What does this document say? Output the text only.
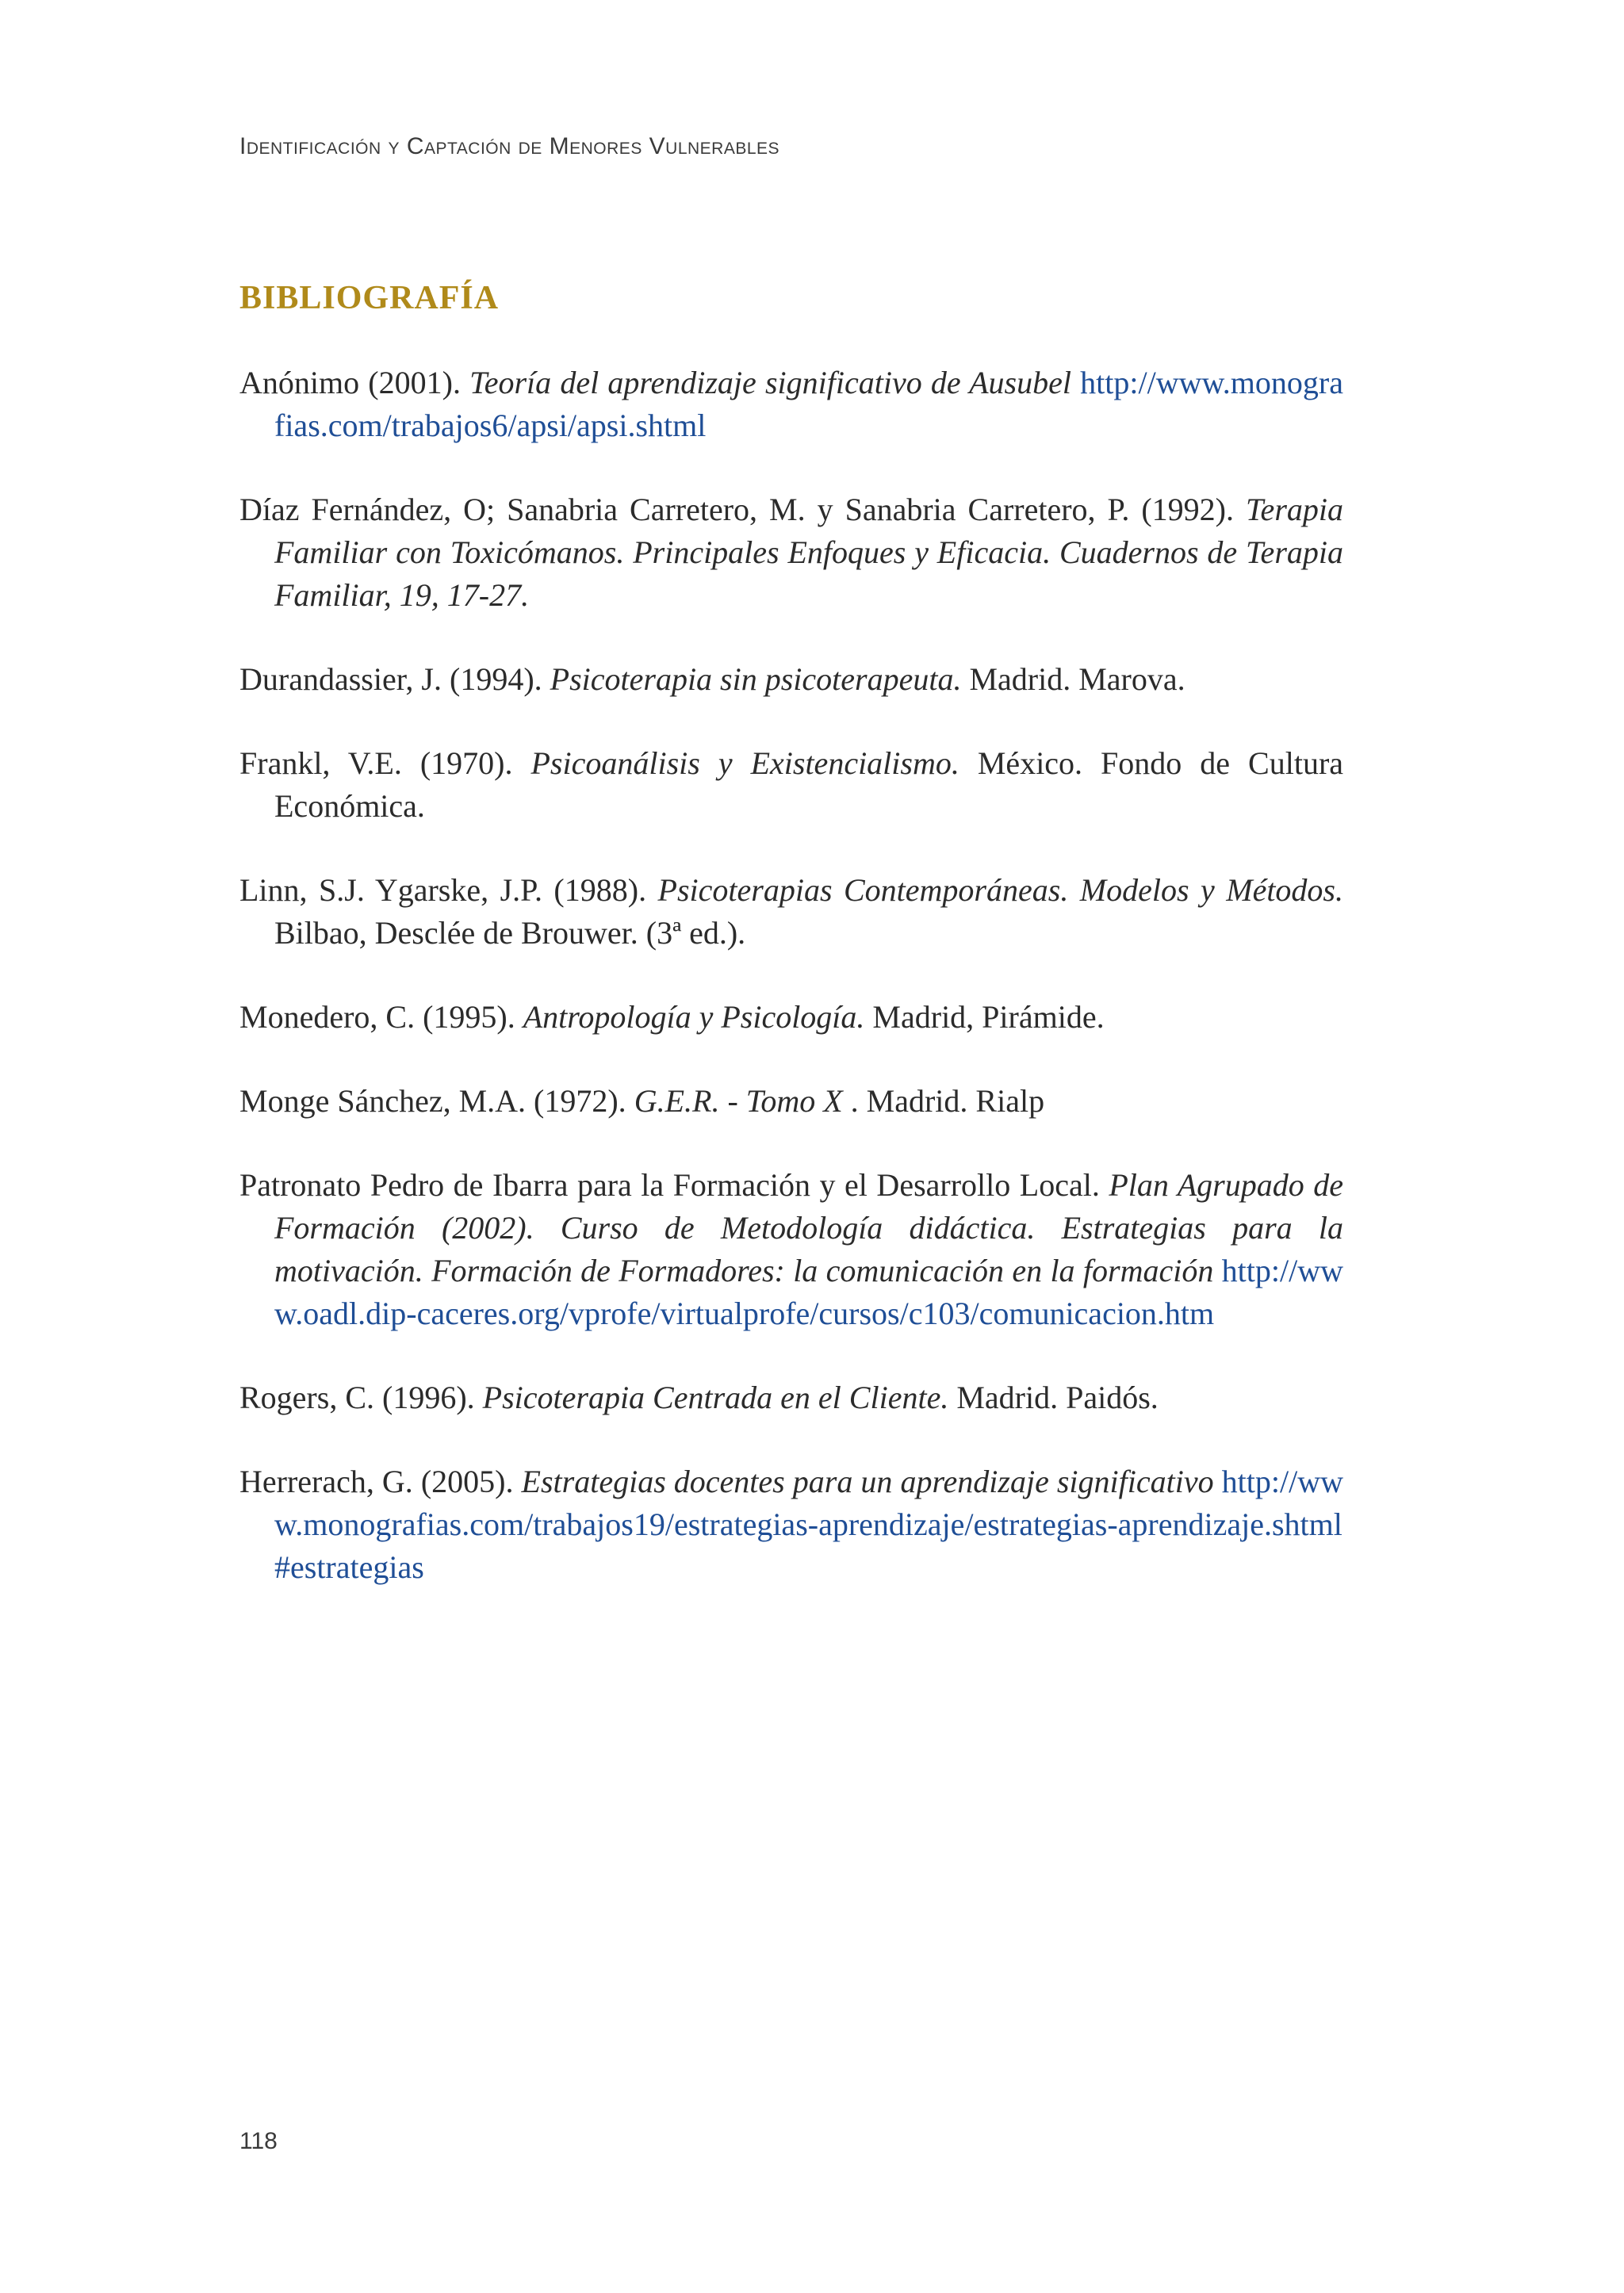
Identificación y Captación de Menores Vulnerables
BIBLIOGRAFÍA
Anónimo (2001). Teoría del aprendizaje significativo de Ausubel http://www.monografias.com/trabajos6/apsi/apsi.shtml
Díaz Fernández, O; Sanabria Carretero, M. y Sanabria Carretero, P. (1992). Terapia Familiar con Toxicómanos. Principales Enfoques y Eficacia. Cuadernos de Terapia Familiar, 19, 17-27.
Durandassier, J. (1994). Psicoterapia sin psicoterapeuta. Madrid. Marova.
Frankl, V.E. (1970). Psicoanálisis y Existencialismo. México. Fondo de Cultura Económica.
Linn, S.J. Ygarske, J.P. (1988). Psicoterapias Contemporáneas. Modelos y Métodos. Bilbao, Desclée de Brouwer. (3ª ed.).
Monedero, C. (1995). Antropología y Psicología. Madrid, Pirámide.
Monge Sánchez, M.A. (1972). G.E.R. - Tomo X . Madrid. Rialp
Patronato Pedro de Ibarra para la Formación y el Desarrollo Local. Plan Agrupado de Formación (2002). Curso de Metodología didáctica. Estrategias para la motivación. Formación de Formadores: la comunicación en la formación http://www.oadl.dip-caceres.org/vprofe/virtualprofe/cursos/c103/comunicacion.htm
Rogers, C. (1996). Psicoterapia Centrada en el Cliente. Madrid. Paidós.
Herrerach, G. (2005). Estrategias docentes para un aprendizaje significativo http://www.monografias.com/trabajos19/estrategias-aprendizaje/estrategias-aprendizaje.shtml#estrategias
118
